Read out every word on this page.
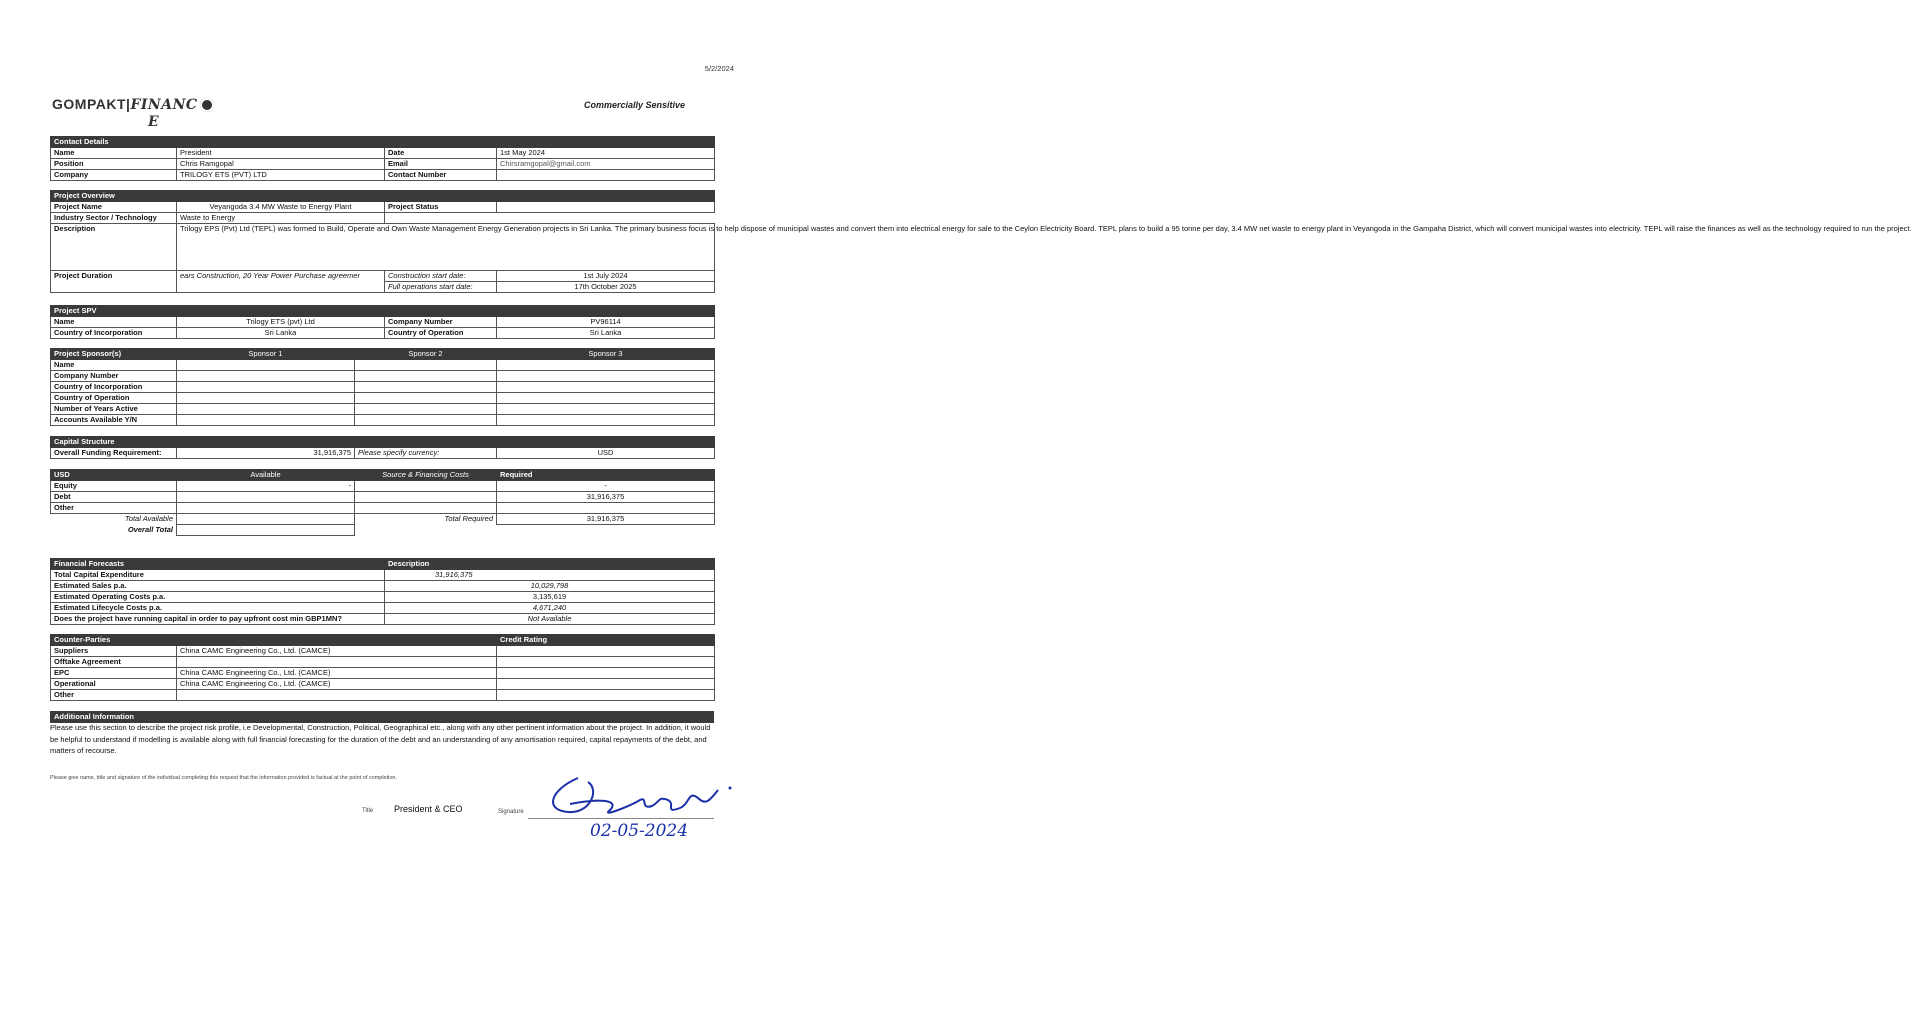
5/2/2024
GOMPAKT|FINANC
E
Commercially Sensitive
Contact Details			
Name	President	Date	1st May 2024
Position	Chris Ramgopal	Email	Chirsramgopal@gmail.com
Company	TRILOGY ETS (PVT) LTD	Contact Number	
Project Overview			
Project Name	Veyangoda 3.4 MW Waste to Energy Plant	Project Status	
Industry Sector / Technology	Waste to Energy		
Description	Trilogy EPS (Pvt) Ltd (TEPL) was formed to Build, Operate and Own Waste Management Energy Generation projects in Sri Lanka. The primary business focus is to help dispose of municipal wastes and convert them into electrical energy for sale to the Ceylon Electricity Board. TEPL plans to build a 95 tonne per day, 3.4 MW net waste to energy plant in Veyangoda in the Gampaha District, which will convert municipal wastes into electricity. TEPL will raise the finances as well as the technology required to run the project.		
Project Duration	ears Construction, 20 Year Power Purchase agreemer	Construction start date:	1st July 2024
		Full operations start date:	17th October 2025
Project SPV			
Name	Trilogy ETS (pvt) Ltd	Company Number	PV96114
Country of Incorporation	Sri Lanka	Country of Operation	Sri Lanka
Project Sponsor(s)	Sponsor 1	Sponsor 2	Sponsor 3
Name			
Company Number			
Country of Incorporation			
Country of Operation			
Number of Years Active			
Accounts Available Y/N			
Capital Structure
Overall Funding Requirement:	31,916,375	Please specify currency:	USD
USD	Available	Source & Financing Costs	Required
Equity	-		-
Debt			31,916,375
Other			
Total Available		Total Required	31,916,375
Overall Total			
Financial Forecasts	Description
Total Capital Expenditure	31,916,375
Estimated Sales p.a.	10,029,798
Estimated Operating Costs p.a.	3,135,619
Estimated Lifecycle Costs p.a.	4,671,240
Does the project have running capital in order to pay upfront cost min GBP1MN?	Not Available
Counter-Parties		Credit Rating
Suppliers	China CAMC Engineering Co., Ltd. (CAMCE)	
Offtake Agreement		
EPC	China CAMC Engineering Co., Ltd. (CAMCE)	
Operational	China CAMC Engineering Co., Ltd. (CAMCE)	
Other		
Additional Information
Please use this section to describe the project risk profile, i.e Developmental, Construction, Political, Geographical etc., along with any other pertinent information about the project. In addition, it would be helpful to understand if modelling is available along with full financial forecasting for the duration of the debt and an understanding of any amortisation required, capital repayments of the debt, and matters of recourse.
Please give name, title and signature of the individual completing this request that the information provided is factual at the point of completion.
Title President & CEO	Signature
02-05-2024
